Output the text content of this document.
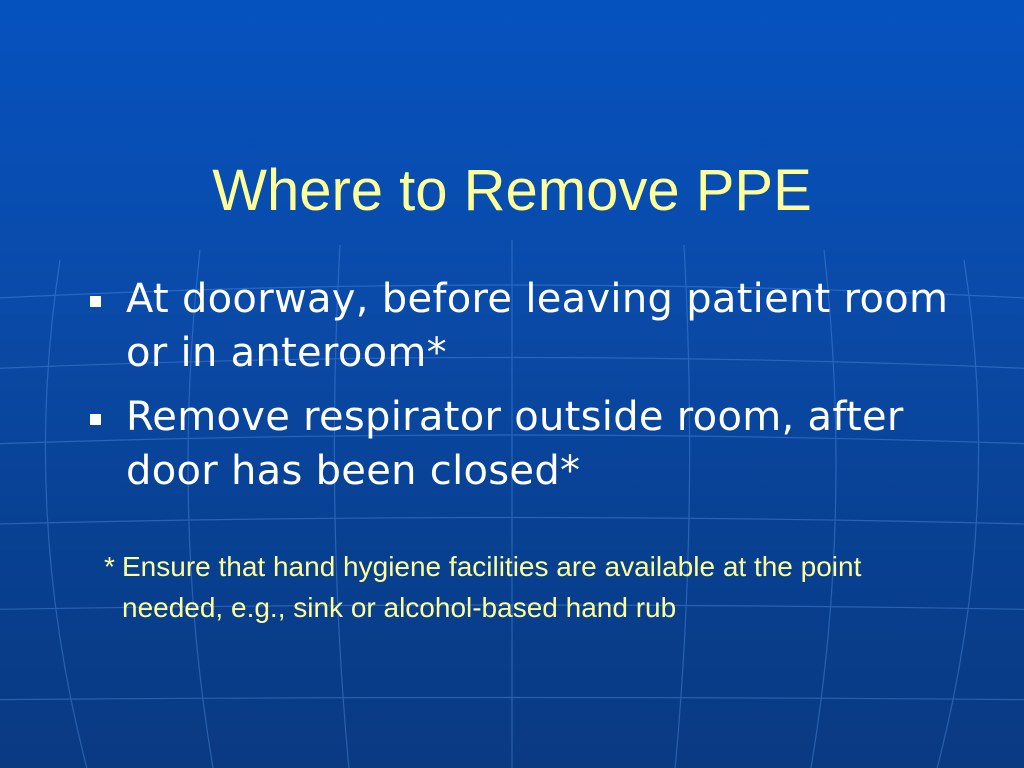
Where to Remove PPE
At doorway, before leaving patient room or in anteroom*
Remove respirator outside room, after door has been closed*
* Ensure that hand hygiene facilities are available at the point needed, e.g., sink or alcohol-based hand rub
